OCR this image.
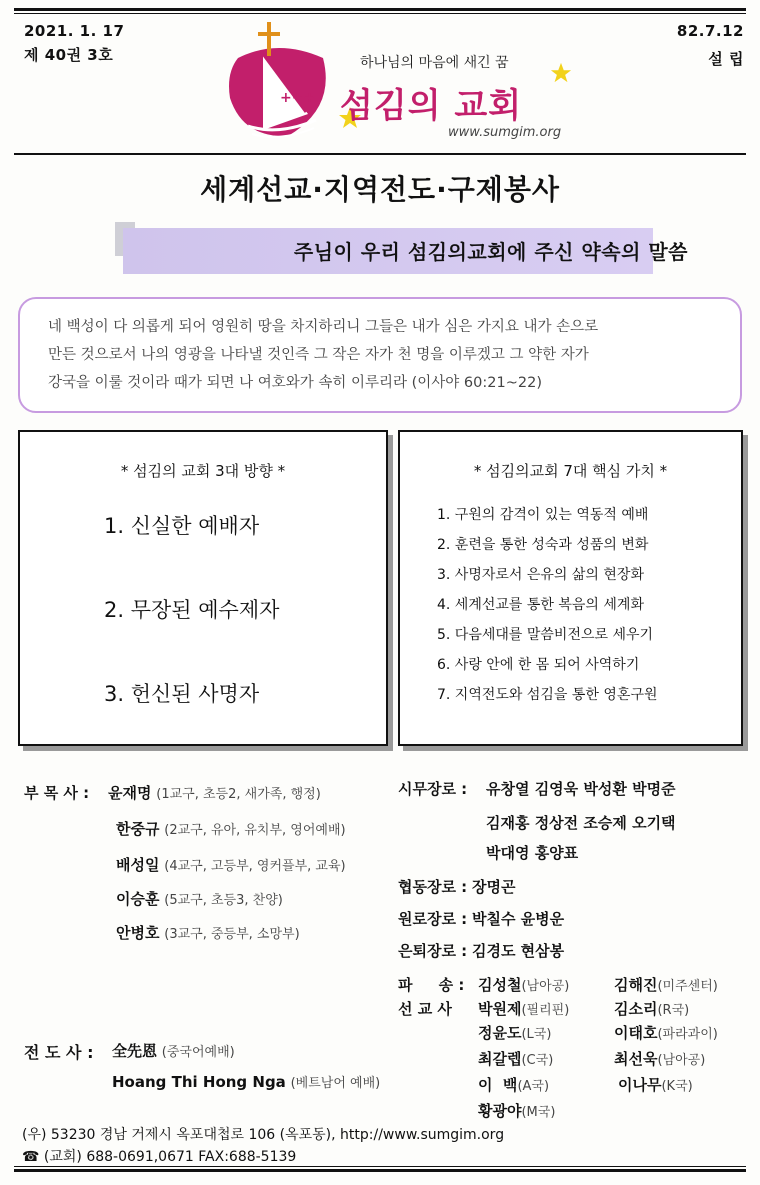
2021. 1. 17
제 40권 3호
82.7.12
설 립
+++
하나님의 마음에 새긴 꿈
섬김의 교회
www.sumgim.org
세계선교·지역전도·구제봉사
주님이 우리 섬김의교회에 주신 약속의 말씀
네 백성이 다 의롭게 되어 영원히 땅을 차지하리니 그들은 내가 심은 가지요 내가 손으로
만든 것으로서 나의 영광을 나타낼 것인즉 그 작은 자가 천 명을 이루겠고 그 약한 자가
강국을 이룰 것이라 때가 되면 나 여호와가 속히 이루리라 (이사야 60:21~22)
* 섬김의 교회 3대 방향 *
1. 신실한 예배자
2. 무장된 예수제자
3. 헌신된 사명자
* 섬김의교회 7대 핵심 가치 *
1. 구원의 감격이 있는 역동적 예배
2. 훈련을 통한 성숙과 성품의 변화
3. 사명자로서 은유의 삶의 현장화
4. 세계선교를 통한 복음의 세계화
5. 다음세대를 말씀비전으로 세우기
6. 사랑 안에 한 몸 되어 사역하기
7. 지역전도와 섬김을 통한 영혼구원
부 목 사 : 윤재명 (1교구, 초등2, 새가족, 행정)
한중규 (2교구, 유아, 유치부, 영어예배)
배성일 (4교구, 고등부, 영커플부, 교육)
이승훈 (5교구, 초등3, 찬양)
안병호 (3교구, 중등부, 소망부)
전 도 사 : 全先恩 (중국어예배)
Hoang Thi Hong Nga (베트남어 예배)
시무장로 : 유창열 김영욱 박성환 박명준
김재홍 정상전 조승제 오기택
박대영 홍양표
협동장로 : 장명곤
원로장로 : 박칠수 윤병운
은퇴장로 : 김경도 현삼봉
파     송 :
선 교 사
김성철(남아공)	김해진(미주센터)
박원제(필리핀)	김소리(R국)
정윤도(L국)	이태호(파라과이)
최갈렙(C국)	최선욱(남아공)
이  백(A국)	이나무(K국)
황광야(M국)
(우) 53230 경남 거제시 옥포대첩로 106 (옥포동), http://www.sumgim.org
☎ (교회) 688-0691,0671 FAX:688-5139
